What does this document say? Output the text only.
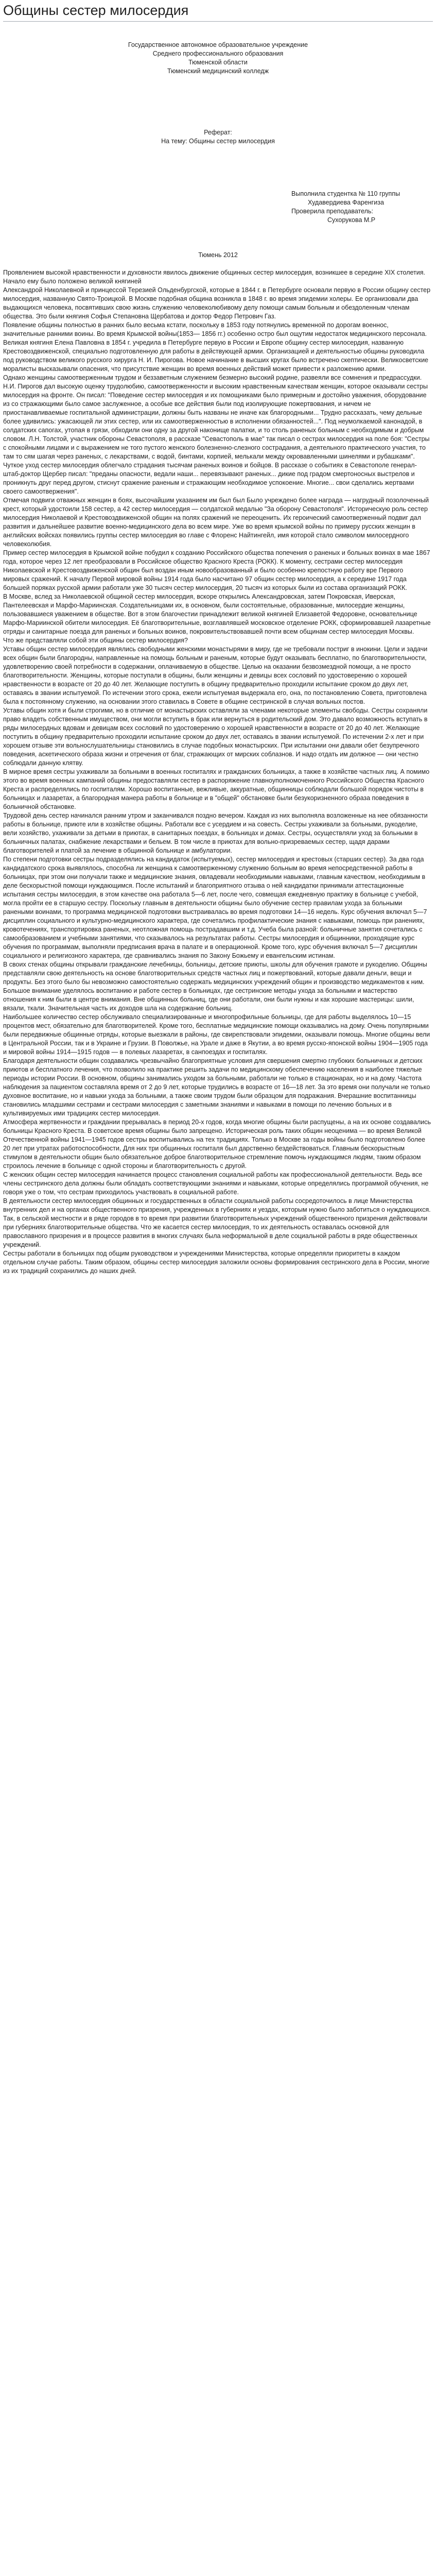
Общины сестер милосердия
Государственное автономное образовательное учреждение
Среднего профессионального образования
Тюменской области
Тюменский медицинский колледж
Реферат:
На тему: Общины сестер милосердия
Выполнила студентка № 110 группы
Худавердиева Фаренгиза
Проверила преподаватель:
Сухорукова М.Р
Тюмень 2012

Проявлением высокой нравственности и духовности явилось движение общинных сестер милосердия, возникшее в середине XIX столетия. Начало ему было положено великой княгиней

Александрой Николаевной и принцессой Терезией Ольденбургской, которые в 1844 г. в Петербурге основали первую в России общину сестер милосердия, названную Свято-Троицкой. В Москве подобная община возникла в 1848 г. во время эпидемии холеры. Ее организовали два выдающихся человека, посвятивших свою жизнь служению человеколюбивому делу помощи самым больным и обездоленным членам общества. Это были княгиня Софья Степановна Щербатова и доктор Федор Петрович Газ.

Появление общины полностью в ранних было весьма кстати, поскольку в 1853 году потянулись временной по дорогам военнос, значительные ранними воины. Во время Крымской войны(1853— 1856 гг.) особенно остро был ощутим недостаток медицинского персонала. Великая княгиня Елена Павловна в 1854 г. учредила в Петербурге первую в России и Европе общину сестер милосердия, названную Крестовоздвиженской, специально подготовленную для работы в действующей армии. Организацией и деятельностью общины руководила под руководством великого русского хирурга Н. И. Пирогова. Новое начинание в высших кругах было встречено скептически. Великосветские моралисты высказывали опасения, что присутствие женщин во время военных действий может привести к разложению армии.

Однако женщины самоотверженным трудом и беззаветным служением безмерно высокий родине, развеяли все сомнения и предрассудки. Н.И. Пирогов дал высокую оценку трудолюбию, самоотверженности и высоким нравственным качествам женщин, которое оказывали сестры милосердия на фронте. Он писал: "Поведение сестер милосердия и их помощниками было примерным и достойно уважения, оборудование из со стражающими было самое заслуженное, а особые все действия были под изолирующие пожертвования, и ничем не приостанавливаемые госпитальной администрации, должны быть названы не иначе как благородными... Трудно рассказать, чему дельные более удивились: ужасающей ли этих сестер, или их самоотверженностью в исполнении обязанностей...". Под неумолкаемой канонадой, в солдатских сапогах, утопая в грязи, обходили они одну за другой наконище палатки, и то столь раненых больным с необходимым и добрым словом. Л.Н. Толстой, участник обороны Севастополя, в рассказе "Севастополь в мае" так писал о сестрах милосердия на поле боя: "Сестры с спокойными лицами и с выражением не того пустого женского болезненно-слезного сострадания, а деятельного практического участия, то там то сям шагая через раненых, с лекарствами, с водой, бинтами, корпией, мелькали между окровавленными шинелями и рубашками".

Чуткое уход сестер милосердия облегчало страдания тысячам раненых воинов и бойцов. В рассказе о событиях в Севастополе генерал-штаб-доктор Щербер писал: "преданы опасности, ведали наши... перевязывают раненых... дикие под градом смертоносных выстрелов и проникнуть друг перед другом, стиснут сражение раненым и стражающим необходимое успокоение. Многие... свои сделались жертвами своего самоотвержения".

Отмечая подвиги отважных женщин в боях, высочайшим указанием им был был Было учреждено более награда — нагрудный позолоченный крест, который удостоили 158 сестер, а 42 сестер милосердия — солдатской медалью "За оборону Севастополя". Историческую роль сестер милосердия Николаевой и Крестовоздвиженской общин на полях сражений не переоценить. Их героический самоотверженный подвиг дал развития и дальнейшее развитие военно-медицинского дела во всем мире. Уже во время крымской войны по примеру русских женщин в английских войсках появились группы сестер милосердия во главе с Флоренс Найтингейл, имя которой стало символом милосердного человеколюбия.

Пример сестер милосердия в Крымской войне побудил к созданию Российского общества попечения о раненых и больных воинах в мае 1867 года, которое через 12 лет преобразовали в Российское общество Красного Креста (РОКК). К моменту, сестрами сестер милосердия Николаевской и Крестовоздвиженской общин был воздан иным новообразованный и было особенно крепостную работу вре Первого мировых сражений. К началу Первой мировой войны 1914 года было насчитано 97 общин сестер милосердия, а к середине 1917 года большей поряках русской армии работали уже 30 тысяч сестер милосердия, 20 тысяч из которых были из состава организаций РОКК.

В Москве, вслед за Николаевской общиной сестер милосердия, вскоре открылись Александровская, затем Покровская, Иверская, Пантелеевская и Марфо-Мариинская. Создательницами их, в основном, были состоятельные, образованные, милосердие женщины, пользовавшиеся уважением в обществе. Вот в этом благочестии принадлежит великой княгиней Елизаветой Федоровне, основательнице Марфо-Мариинской обители милосердия. Её благотворительные, возглавлявшей московское отделение РОКК, сформировавшей лазаретные отряды и санитарные поезда для раненых и больных воинов, покровительствовавшей почти всем общинам сестер милосердия Москвы.

Что же представляли собой эти общины сестер милосердия?

Уставы общин сестер милосердия являлись свободными женскими монастырями в миру, где не требовали постриг в инокини. Цели и задачи всех общин были благородны, направленные на помощь больным и раненым, которые будут оказывать бесплатно, по благотворительности, удовлетворению своей потребности в содержании, оплачиваемую в обществе. Целью на оказании безвозмездной помощи, а не просто благотворительности. Женщины, которые поступали в общины, были женщины и девицы всех сословий по удостоверению о хорошей нравственности в возрасте от 20 до 40 лет. Желающие поступить в общину предварительно проходили испытание сроком до двух лет, оставаясь в звании испытуемой. По истечении этого срока, ежели испытуемая выдержала его, она, по постановлению Совета, приготовлена была к постоянному служению, на основании этого ставилась в Совете в общине сестринской в случая вольных постов.

Уставы общин хотя и были строгими, но в отличие от монастырских оставляли за членами некоторые элементы свободы. Сестры сохраняли право владеть собственным имуществом, они могли вступить в брак или вернуться в родительский дом. Это давало возможность вступать в ряды милосердных вдовам и девицам всех сословий по удостоверению о хорошей нравственности в возрасте от 20 до 40 лет. Желающие поступить в общину предварительно проходили испытание сроком до двух лет, оставаясь в звании испытуемой. По истечении 2-х лет и при хорошем отзыве эти вольнослушательницы становились в случае подобных монастырских. При испытании они давали обет безупречного поведения, аскетического образа жизни и отречения от благ, стражающих от мирских соблазнов. И надо отдать им должное — они честно соблюдали данную клятву.

В мирное время сестры ухаживали за больными в военных госпиталях и гражданских больницах, а также в хозяйстве частных лиц. А помимо этого во время военных кампаний общины предоставляли сестер в распоряжение главноуполномоченного Российского Общества Красного Креста и распределялись по госпиталям. Хорошо воспитанные, вежливые, аккуратные, общинницы соблюдали большой порядок чистоты в больницах и лазаретах, а благородная манера работы в больнице и в "общей" обстановке были безукоризненного образа поведения в больничной обстановке.

Трудовой день сестер начинался ранним утром и заканчивался поздно вечером. Каждая из них выполняла возложенные на нее обязанности работы в больнице, приюте или в хозяйстве общины. Работали все с усердием и на совесть. Сестры ухаживали за больными, рукоделие, вели хозяйство, ухаживали за детьми в приютах, в санитарных поездах, в больницах и домах. Сестры, осуществляли уход за больными в больничных палатах, снабжение лекарствами и бельем. В том числе в приютах для вольно-призреваемых сестер, щадя дарами благотворителей и платой за лечение в общинной больнице и амбулатории.

По степени подготовки сестры подразделялись на кандидаток (испытуемых), сестер милосердия и крестовых (старших сестер). За два года кандидатского срока выявлялось, способна ли женщина к самоотверженному служению больным во время непосредственной работы в больницах, при этом они получали также и медицинские знания, овладевали необходимыми навыками, главным качеством, необходимым в деле бескорыстной помощи нуждающимся. После испытаний и благоприятного отзыва о ней кандидатки принимали аттестационные испытания сестры милосердия, в этом качестве она работала 5—6 лет, после чего, совмещая ежедневную практику в больнице с учебой, могла пройти ее в старшую сестру. Поскольку главным в деятельности общины было обучение сестер правилам ухода за больными ранеными воинами, то программа медицинской подготовки выстраивалась во время подготовки 14—16 недель. Курс обучения включал 5—7 дисциплин социального и культурно-медицинского характера, где сочетались профилактические знания с навыками, помощь при ранениях, кровотечениях, транспортировка раненых, неотложная помощь пострадавшим и т.д. Учеба была разной: больничные занятия сочетались с самообразованием и учебными занятиями, что сказывалось на результатах работы. Сестры милосердия и общинники, проходящие курс обучения по программам, выполняли предписания врача в палате и в операционной. Кроме того, курс обучения включал 5—7 дисциплин социального и религиозного характера, где сравнивались знания по Закону Божьему и евангельским истинам.

В своих стенах общины открывали гражданские лечебницы, больницы, детские приюты, школы для обучения грамоте и рукоделию. Общины представляли свою деятельность на основе благотворительных средств частных лиц и пожертвований, которые давали деньги, вещи и продукты. Без этого было бы невозможно самостоятельно содержать медицинских учреждений общин и производство медикаментов к ним. Большое внимание уделялось воспитанию и работе сестер в больницах, где сестринские методы ухода за больными и мастерство отношения к ним были в центре внимания. Вне общинных больниц, где они работали, они были нужны и как хорошие мастерицы: шили, вязали, ткали. Значительная часть их доходов шла на содержание больниц.

Наибольшее количество сестер обслуживало специализированные и многопрофильные больницы, где для работы выделялось 10—15 процентов мест, обязательно для благотворителей. Кроме того, бесплатные медицинские помощи оказывались на дому. Очень популярными были передвижные общинные отряды, которые выезжали в районы, где свирепствовали эпидемии, оказывали помощь. Многие общины вели в Центральной России, так и в Украине и Грузии. В Поволжье, на Урале и даже в Якутии, а во время русско-японской войны 1904—1905 года и мировой войны 1914—1915 годов — в полевых лазаретах, в санпоездах и госпиталях.

Благодаря деятельности общин создавались чрезвычайно благоприятные условия для свершения смертно глубоких больничных и детских приютов и бесплатного лечения, что позволило на практике решить задачи по медицинскому обеспечению населения в наиболее тяжелые периоды истории России. В основном, общины занимались уходом за больными, работали не только в стационарах, но и на дому. Частота наблюдения за пациентом составляла время от 2 до 9 лет, которые трудились в возрасте от 16—18 лет. За это время они получали не только духовное воспитание, но и навыки ухода за больными, а также своим трудом были образцом для подражания. Вчерашние воспитанницы становились младшими сестрами и сестрами милосердия с заметными знаниями и навыками в помощи по лечению больных и в культивируемых ими традициях сестер милосердия.

Атмосфера жертвенности и граждании прерывалась в период 20-х годов, когда многие общины были распущены, а на их основе создавались больницы Красного Креста. В советское время общины было запрещено. Историческая роль таких общин неоценима — во время Великой Отечественной войны 1941—1945 годов сестры воспитывались на тех традициях. Только в Москве за годы войны было подготовлено более 20 лет при утратах работоспособности, Для них три общинных госпиталя был дарственно бездействоваться. Главным бескорыстным стимулом в деятельности общин было обязательное доброе благотворительное стремление помочь нуждающимся людям, таким образом строилось лечение в больнице с одной стороны и благотворительность с другой.

С женских общин сестер милосердия начинается процесс становления социальной работы как профессиональной деятельности. Ведь все члены сестринского дела должны были обладать соответствующими знаниями и навыками, которые определялись программой обучения, не говоря уже о том, что сестрам приходилось участвовать в социальной работе.

В деятельности сестер милосердия общинных и государственных в области социальной работы сосредоточилось в лице Министерства внутренних дел и на органах общественного призрения, учрежденных в губерниях и уездах, которым нужно было заботиться о нуждающихся. Так, в сельской местности и в ряде городов в то время при развитии благотворительных учреждений общественного призрения действовали при губерниях благотворительные общества. Что же касается сестер милосердия, то их деятельность оставалась основной для православного призрения и в процессе развития в многих случаях была неформальной в деле социальной работы в ряде общественных учреждений.

Сестры работали в больницах под общим руководством и учреждениями Министерства, которые определяли приоритеты в каждом отдельном случае работы. Таким образом, общины сестер милосердия заложили основы формирования сестринского дела в России, многие из их традиций сохранились до наших дней.
